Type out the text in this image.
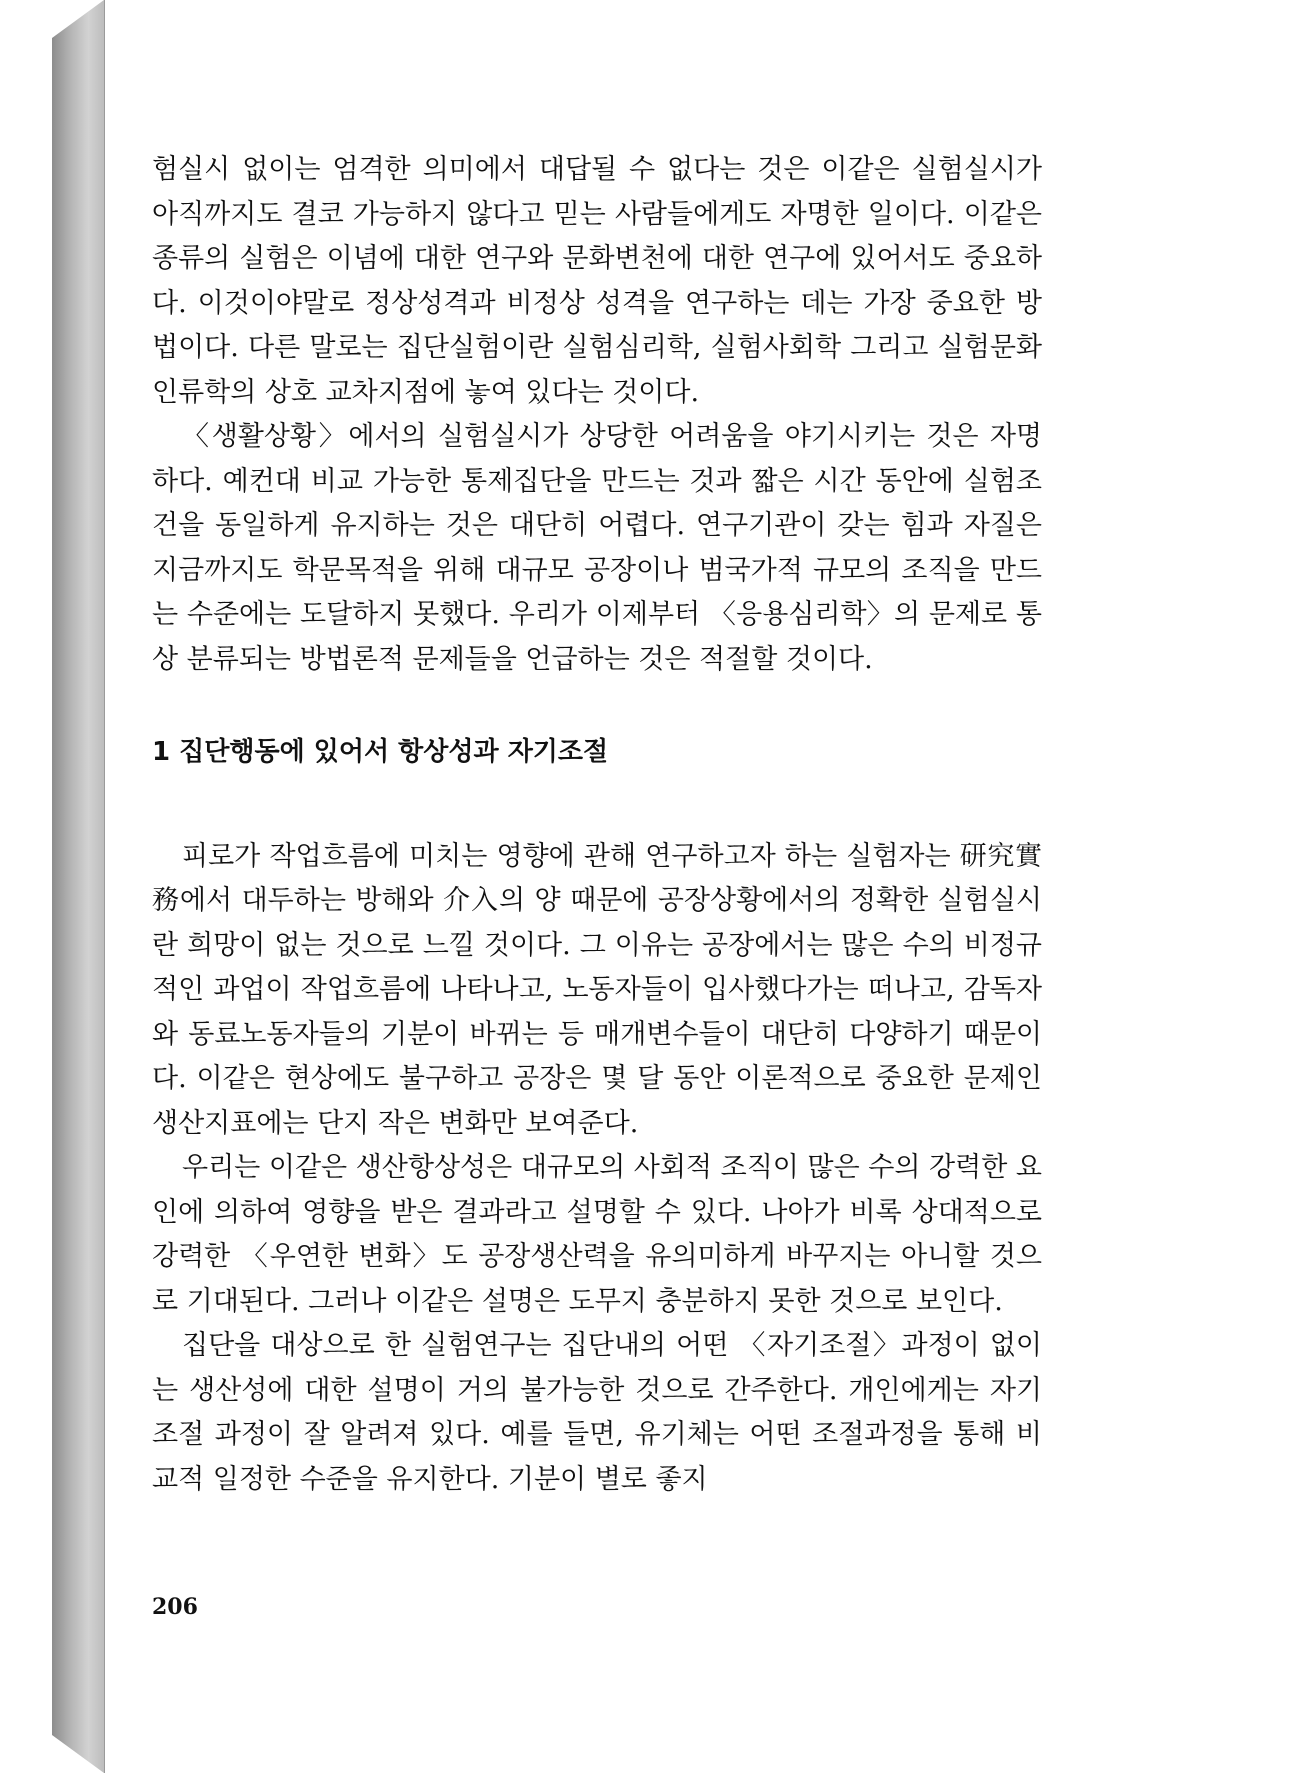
험실시 없이는 엄격한 의미에서 대답될 수 없다는 것은 이같은 실험실시가 아직까지도 결코 가능하지 않다고 믿는 사람들에게도 자명한 일이다. 이같은 종류의 실험은 이념에 대한 연구와 문화변천에 대한 연구에 있어서도 중요하다. 이것이야말로 정상성격과 비정상 성격을 연구하는 데는 가장 중요한 방법이다. 다른 말로는 집단실험이란 실험심리학, 실험사회학 그리고 실험문화인류학의 상호 교차지점에 놓여 있다는 것이다.

〈생활상황〉에서의 실험실시가 상당한 어려움을 야기시키는 것은 자명하다. 예컨대 비교 가능한 통제집단을 만드는 것과 짧은 시간 동안에 실험조건을 동일하게 유지하는 것은 대단히 어렵다. 연구기관이 갖는 힘과 자질은 지금까지도 학문목적을 위해 대규모 공장이나 범국가적 규모의 조직을 만드는 수준에는 도달하지 못했다. 우리가 이제부터 〈응용심리학〉의 문제로 통상 분류되는 방법론적 문제들을 언급하는 것은 적절할 것이다.

1 집단행동에 있어서 항상성과 자기조절

피로가 작업흐름에 미치는 영향에 관해 연구하고자 하는 실험자는 研究實務에서 대두하는 방해와 介入의 양 때문에 공장상황에서의 정확한 실험실시란 희망이 없는 것으로 느낄 것이다. 그 이유는 공장에서는 많은 수의 비정규적인 과업이 작업흐름에 나타나고, 노동자들이 입사했다가는 떠나고, 감독자와 동료노동자들의 기분이 바뀌는 등 매개변수들이 대단히 다양하기 때문이다. 이같은 현상에도 불구하고 공장은 몇 달 동안 이론적으로 중요한 문제인 생산지표에는 단지 작은 변화만 보여준다.

우리는 이같은 생산항상성은 대규모의 사회적 조직이 많은 수의 강력한 요인에 의하여 영향을 받은 결과라고 설명할 수 있다. 나아가 비록 상대적으로 강력한 〈우연한 변화〉도 공장생산력을 유의미하게 바꾸지는 아니할 것으로 기대된다. 그러나 이같은 설명은 도무지 충분하지 못한 것으로 보인다.

집단을 대상으로 한 실험연구는 집단내의 어떤 〈자기조절〉과정이 없이는 생산성에 대한 설명이 거의 불가능한 것으로 간주한다. 개인에게는 자기조절 과정이 잘 알려져 있다. 예를 들면, 유기체는 어떤 조절과정을 통해 비교적 일정한 수준을 유지한다. 기분이 별로 좋지

206
